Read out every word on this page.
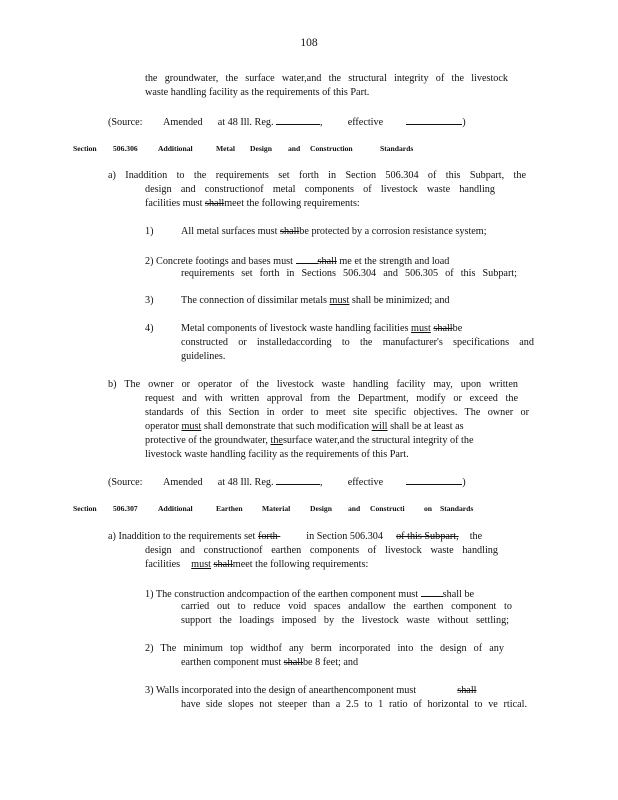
108
the groundwater, the surface water,and the structural integrity of the livestock
waste handling facility as the requirements of this Part.
(Source: Amended at 48 Ill. Reg.	,  effective	)
Section 506.306	Additional	Metal Design and Construction	Standards
a) Inaddition to the requirements set forth in Section 506.304 of this Subpart, the
design and constructionof metal components of livestock waste handling
facilities must shallmeet the following requirements:
1)	All metal surfaces must shallbe protected by a corrosion resistance system;
2) Concrete footings and bases must shall me et the strength and load
requirements set forth in Sections 506.304 and 506.305 of this Subpart;
3)	The connection of dissimilar metals must shall be minimized; and
4)	Metal components of livestock waste handling facilities must shallbe
constructed or installedaccording to the manufacturer's specifications and
guidelines.
b) The owner or operator of the livestock waste handling facility may, upon written
request and with written approval from the Department, modify or exceed the
standards of this Section in order to meet site specific objectives. The owner or
operator must shall demonstrate that such modification will shall be at least as
protective of the groundwater, thesurface water,and the structural integrity of the
livestock waste handling facility as the requirements of this Part.
(Source: Amended at 48 Ill. Reg.	,  effective	)
Section 506.307	Additional	Earthen	Material	Design and Constructi	on Standards
a) Inaddition to the requirements set forth	in Section 506.304 of this Subpart, the
design and constructionof earthen components of livestock waste handling
facilities must shallmeet the following requirements:
1) The construction andcompaction of the earthen component must shall be
carried out to reduce void spaces andallow the earthen component to
support the loadings imposed by the livestock waste without settling;
2) The minimum top widthof any berm incorporated into the design of any
earthen component must shallbe 8 feet; and
3) Walls incorporated into the design of anearthencomponent must	shall
have side slopes not steeper than a 2.5 to 1 ratio of horizontal to ve rtical.
